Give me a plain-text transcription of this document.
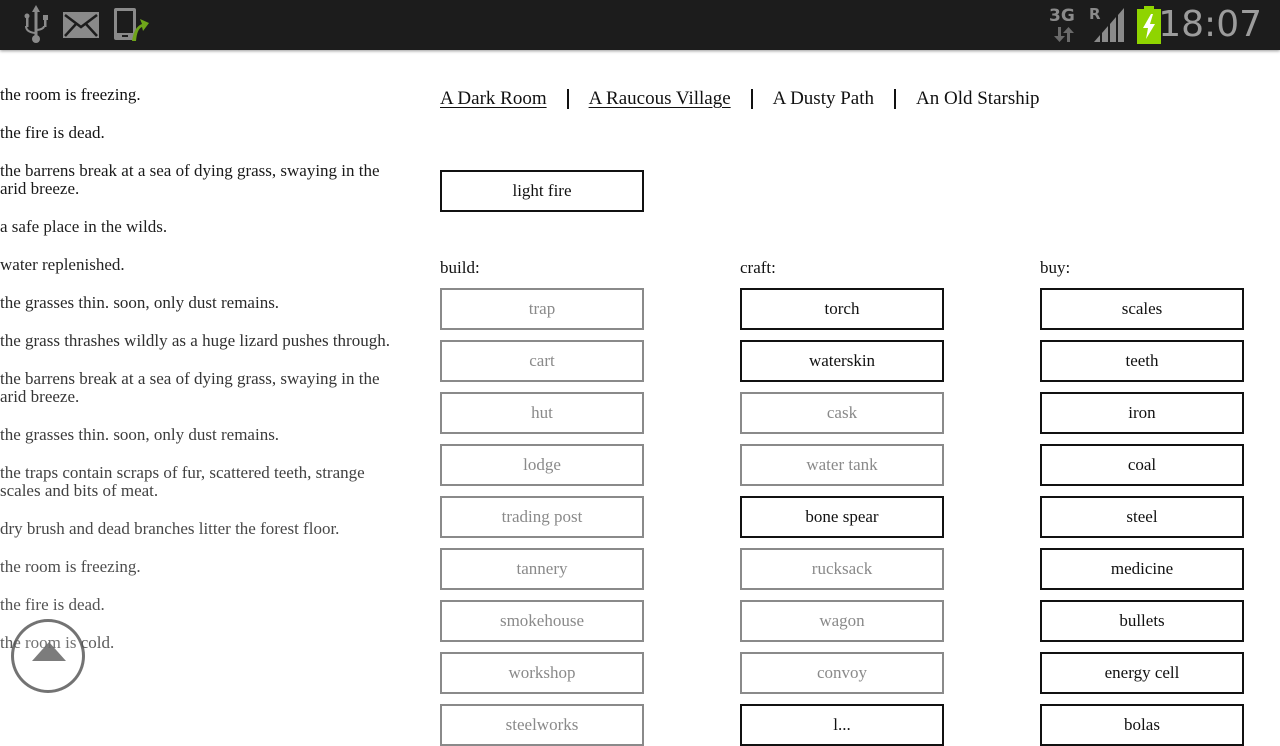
3G R 18:07
the room is freezing.
the fire is dead.
the barrens break at a sea of dying grass, swaying in the arid breeze.
a safe place in the wilds.
water replenished.
the grasses thin. soon, only dust remains.
the grass thrashes wildly as a huge lizard pushes through.
the barrens break at a sea of dying grass, swaying in the arid breeze.
the grasses thin. soon, only dust remains.
the traps contain scraps of fur, scattered teeth, strange scales and bits of meat.
dry brush and dead branches litter the forest floor.
the room is freezing.
the fire is dead.
the room is cold.
A Dark Room A Raucous Village A Dusty Path An Old Starship
light fire
build:	craft:	buy:
trap
cart
hut
lodge
trading post
tannery
smokehouse
workshop
steelworks
torch
waterskin
cask
water tank
bone spear
rucksack
wagon
convoy
l...
scales
teeth
iron
coal
steel
medicine
bullets
energy cell
bolas
